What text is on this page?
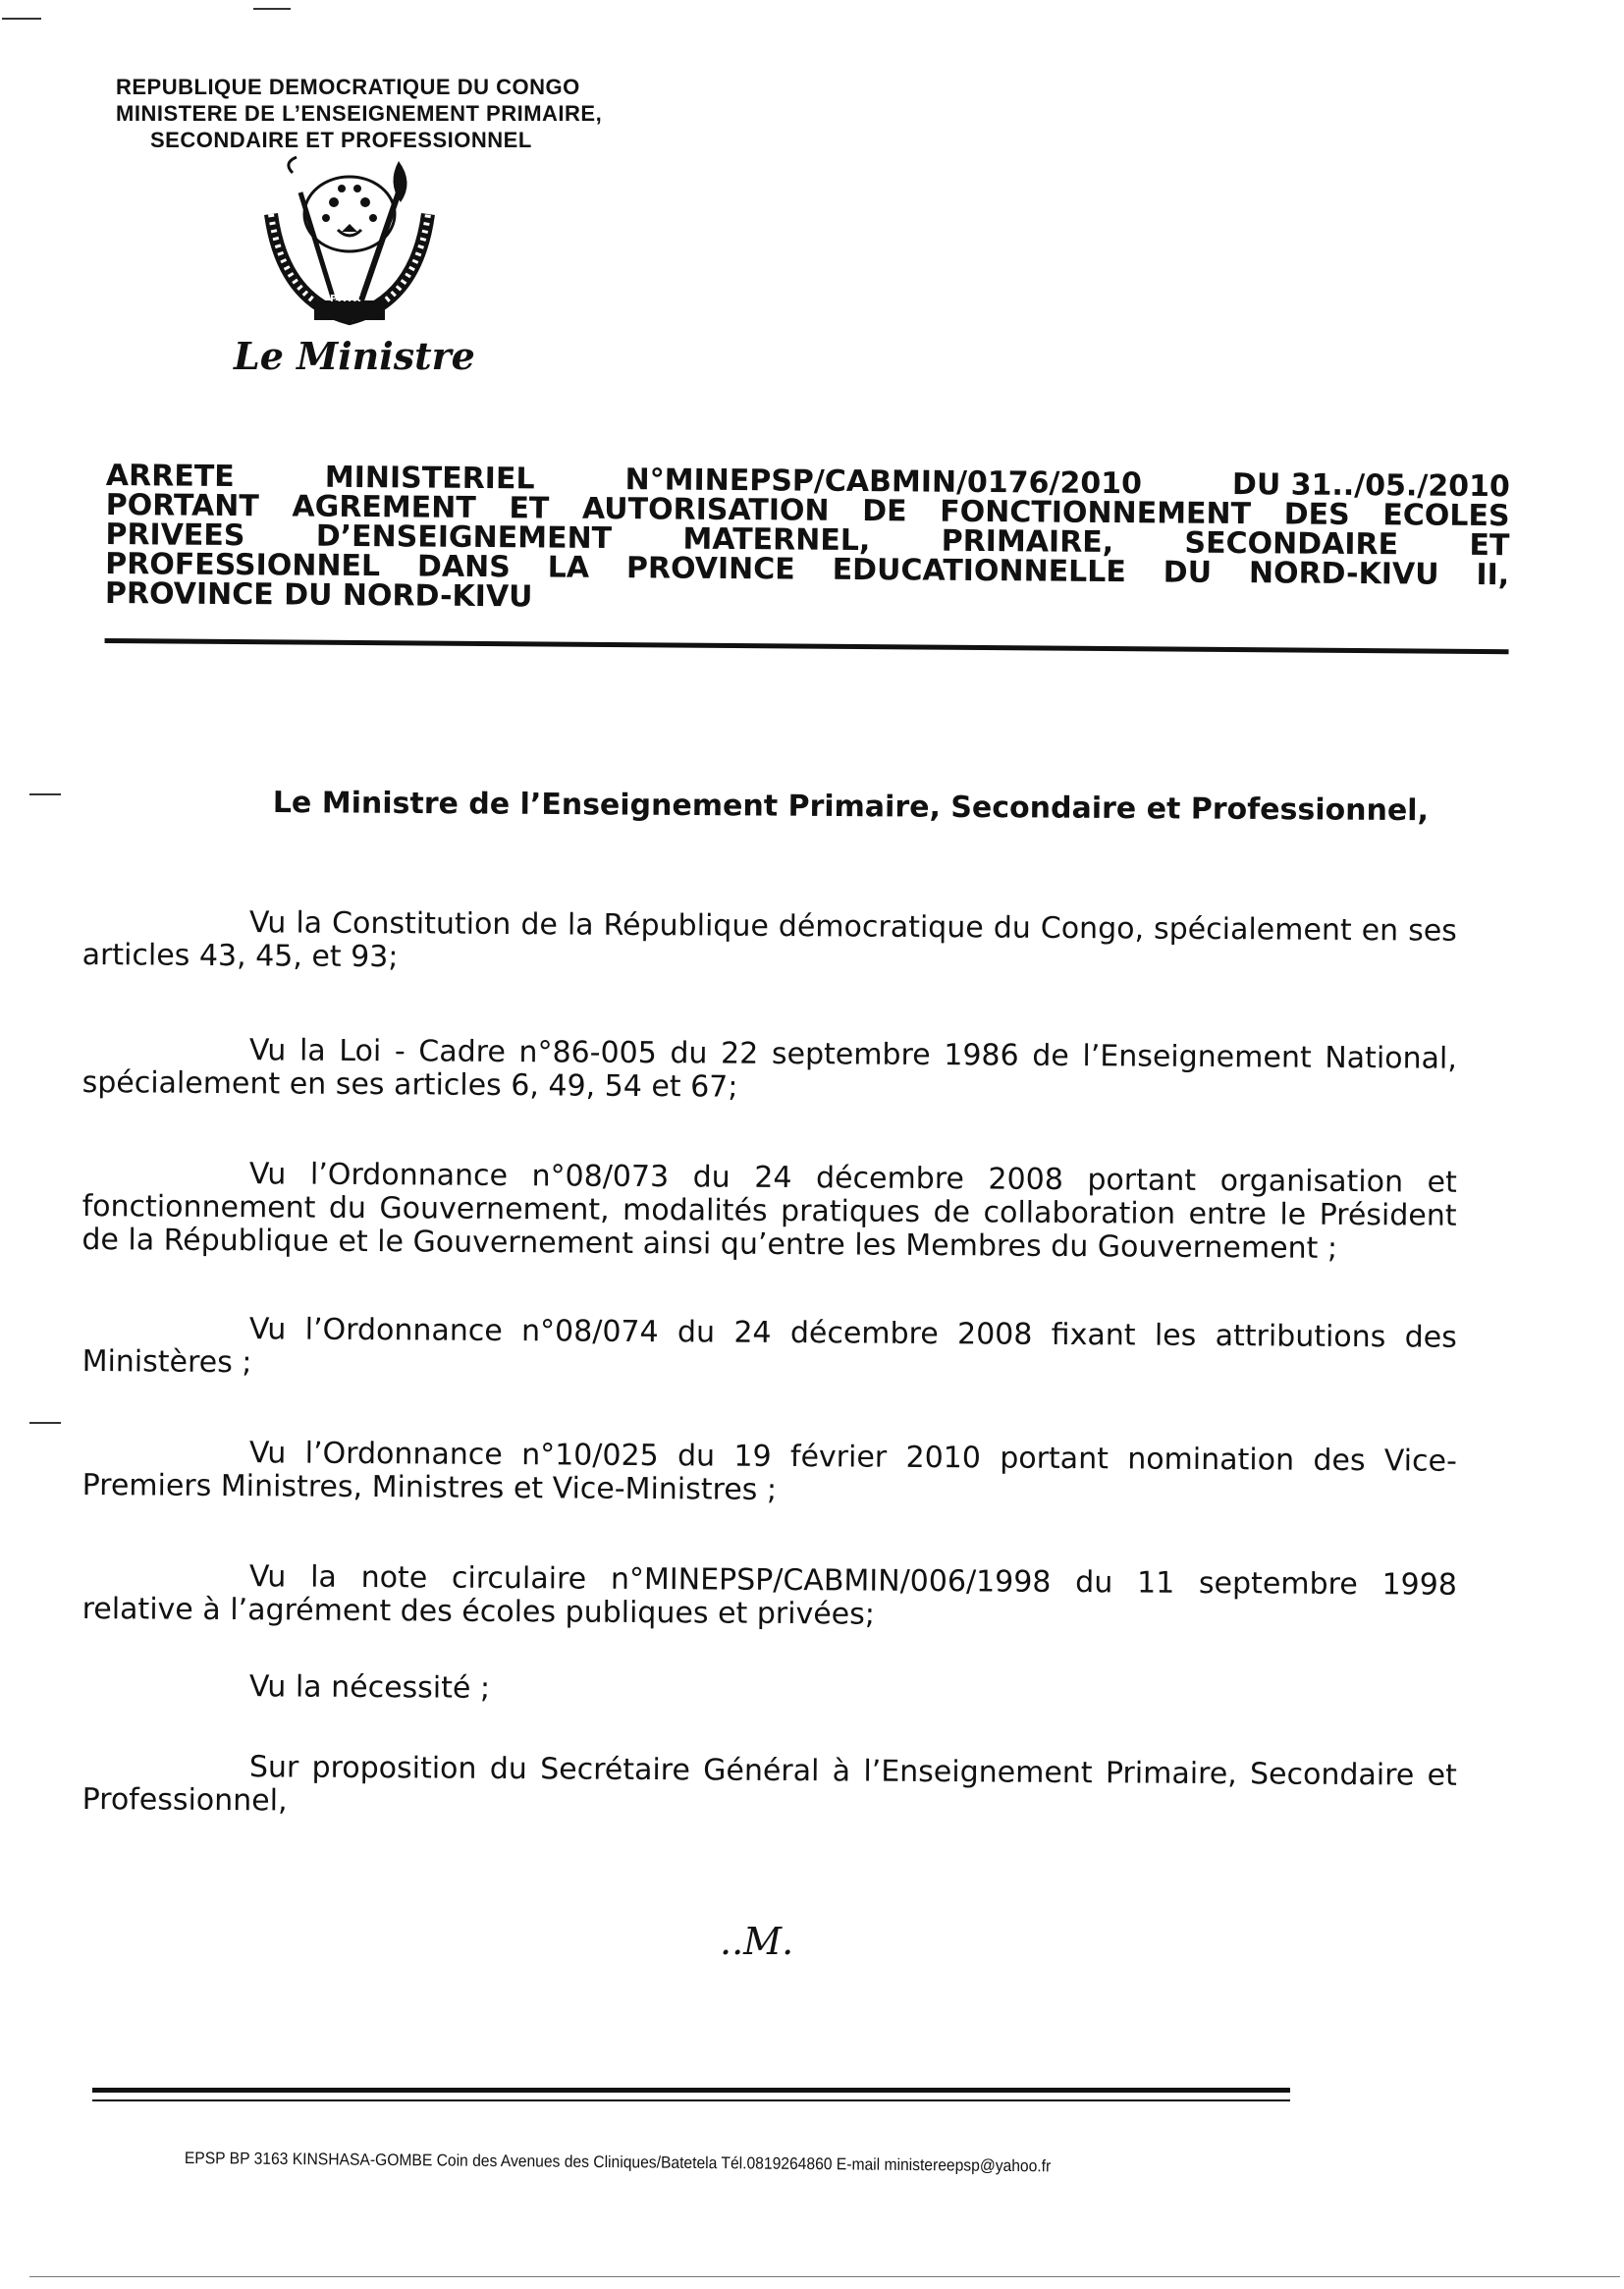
REPUBLIQUE DEMOCRATIQUE DU CONGO
MINISTERE DE L’ENSEIGNEMENT PRIMAIRE,
SECONDAIRE ET PROFESSIONNEL
PAIX
Le Ministre
ARRETE	MINISTERIEL	N°MINEPSP/CABMIN/0176/2010	DU 31../05./2010
PORTANT AGREMENT ET AUTORISATION DE FONCTIONNEMENT DES ECOLES
PRIVEES D’ENSEIGNEMENT MATERNEL, PRIMAIRE, SECONDAIRE ET
PROFESSIONNEL DANS LA PROVINCE EDUCATIONNELLE DU NORD-KIVU II,
PROVINCE DU NORD-KIVU
Le Ministre de l’Enseignement Primaire, Secondaire et Professionnel,
Vu la Constitution de la République démocratique du Congo, spécialement en ses articles 43, 45, et 93;
Vu la Loi - Cadre n°86-005 du 22 septembre 1986 de l’Enseignement National, spécialement en ses articles 6, 49, 54 et 67;
Vu l’Ordonnance n°08/073 du 24 décembre 2008 portant organisation et fonctionnement du Gouvernement, modalités pratiques de collaboration entre le Président de la République et le Gouvernement ainsi qu’entre les Membres du Gouvernement ;
Vu l’Ordonnance n°08/074 du 24 décembre 2008 fixant les attributions des Ministères ;
Vu l’Ordonnance n°10/025 du 19 février 2010 portant nomination des Vice-Premiers Ministres, Ministres et Vice-Ministres ;
Vu la note circulaire n°MINEPSP/CABMIN/006/1998 du 11 septembre 1998 relative à l’agrément des écoles publiques et privées;
Vu la nécessité ;
Sur proposition du Secrétaire Général à l’Enseignement Primaire, Secondaire et Professionnel,
..M.
EPSP BP 3163 KINSHASA-GOMBE Coin des Avenues des Cliniques/Batetela Tél.0819264860 E-mail ministereepsp@yahoo.fr
